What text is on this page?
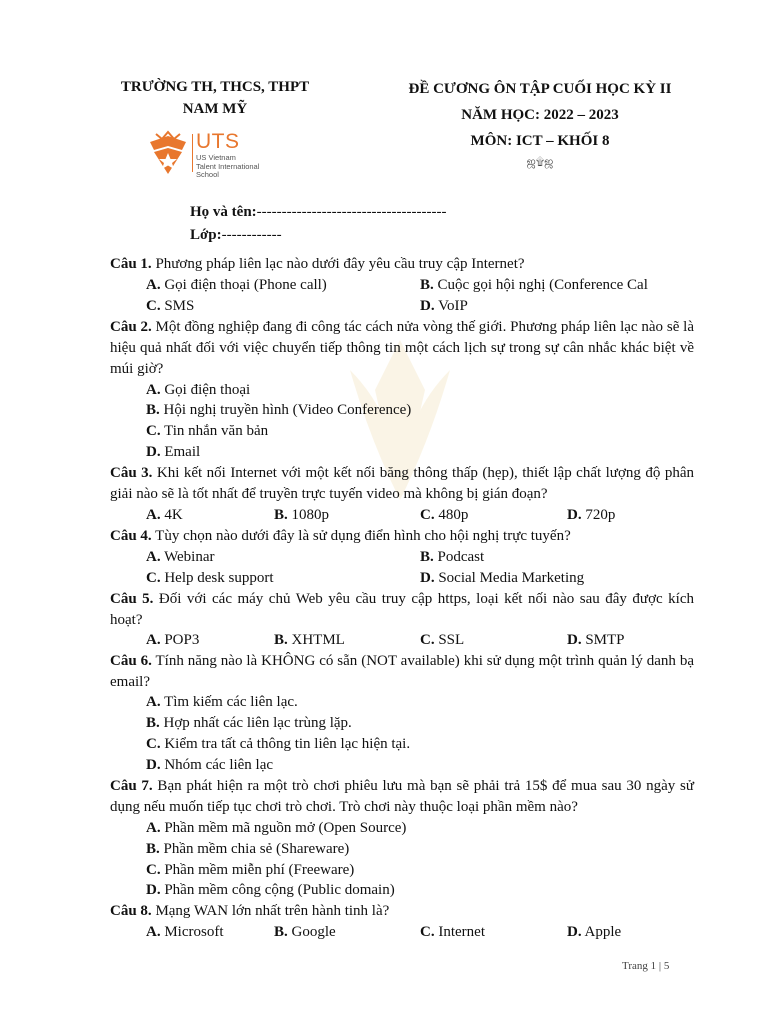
TRƯỜNG TH, THCS, THPT
NAM MỸ
UTS
US Vietnam
Talent International
School
ĐỀ CƯƠNG ÔN TẬP CUỐI HỌC KỲ II
NĂM HỌC: 2022 – 2023
MÔN: ICT – KHỐI 8
ஜ۩ஜ
Họ và tên:--------------------------------------
Lớp:------------
Câu 1. Phương pháp liên lạc nào dưới đây yêu cầu truy cập Internet?
A. Gọi điện thoại (Phone call)	B. Cuộc gọi hội nghị (Conference Cal
C. SMS	D. VoIP
Câu 2. Một đồng nghiệp đang đi công tác cách nửa vòng thế giới. Phương pháp liên lạc nào sẽ là hiệu quả nhất đối với việc chuyển tiếp thông tin một cách lịch sự trong sự cân nhắc khác biệt về múi giờ?
A. Gọi điện thoại
B. Hội nghị truyền hình (Video Conference)
C. Tin nhắn văn bản
D. Email
Câu 3. Khi kết nối Internet với một kết nối băng thông thấp (hẹp), thiết lập chất lượng độ phân giải nào sẽ là tốt nhất để truyền trực tuyến video mà không bị gián đoạn?
A. 4K	B. 1080p	C. 480p	D. 720p
Câu 4. Tùy chọn nào dưới đây là sử dụng điển hình cho hội nghị trực tuyến?
A. Webinar	B. Podcast
C. Help desk support	D. Social Media Marketing
Câu 5. Đối với các máy chủ Web yêu cầu truy cập https, loại kết nối nào sau đây được kích hoạt?
A. POP3	B. XHTML	C. SSL	D. SMTP
Câu 6. Tính năng nào là KHÔNG có sẵn (NOT available) khi sử dụng một trình quản lý danh bạ email?
A. Tìm kiếm các liên lạc.
B. Hợp nhất các liên lạc trùng lặp.
C. Kiểm tra tất cả thông tin liên lạc hiện tại.
D. Nhóm các liên lạc
Câu 7. Bạn phát hiện ra một trò chơi phiêu lưu mà bạn sẽ phải trả 15$ để mua sau 30 ngày sử dụng nếu muốn tiếp tục chơi trò chơi. Trò chơi này thuộc loại phần mềm nào?
A. Phần mềm mã nguồn mở (Open Source)
B. Phần mềm chia sẻ (Shareware)
C. Phần mềm miễn phí (Freeware)
D. Phần mềm công cộng (Public domain)
Câu 8. Mạng WAN lớn nhất trên hành tinh là?
A. Microsoft	B. Google	C. Internet	D. Apple
Trang 1 | 5
